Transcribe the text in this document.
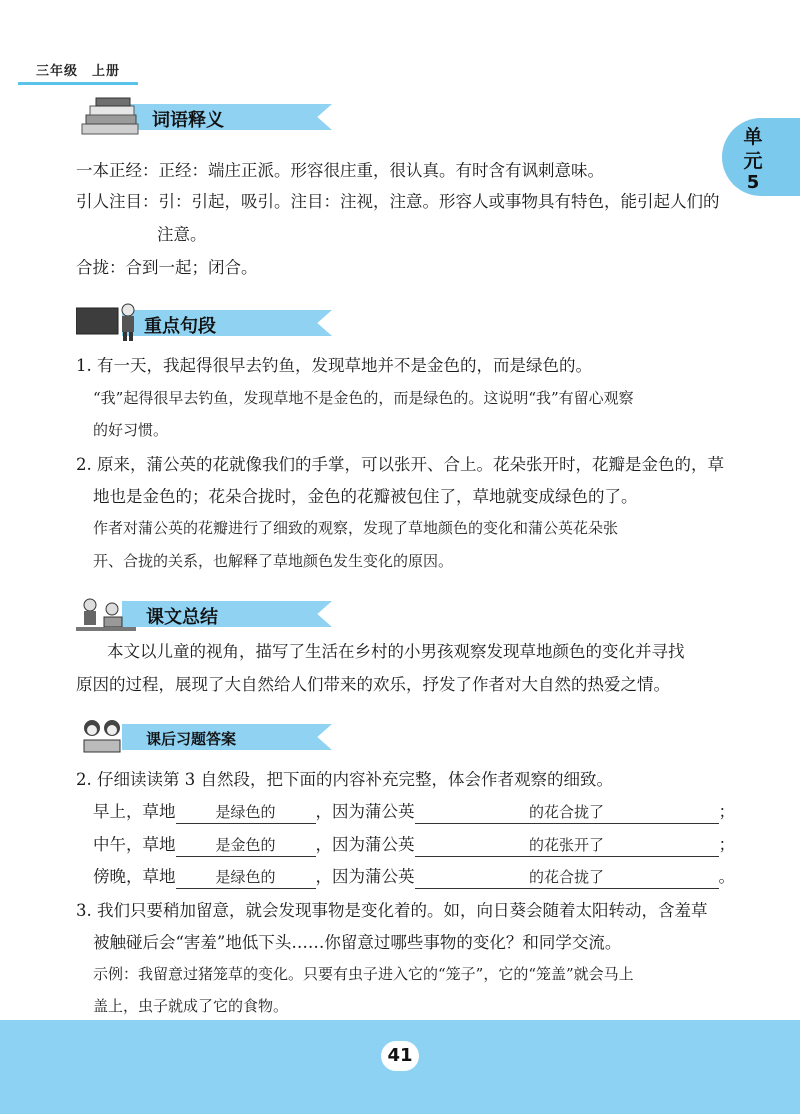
三年级　上册
单
元
5
词语释义
一本正经：正经：端庄正派。形容很庄重，很认真。有时含有讽刺意味。
引人注目：引：引起，吸引。注目：注视，注意。形容人或事物具有特色，能引起人们的
注意。
合拢：合到一起；闭合。
重点句段
1. 有一天，我起得很早去钓鱼，发现草地并不是金色的，而是绿色的。
“我”起得很早去钓鱼，发现草地不是金色的，而是绿色的。这说明“我”有留心观察
的好习惯。
2. 原来，蒲公英的花就像我们的手掌，可以张开、合上。花朵张开时，花瓣是金色的，草
地也是金色的；花朵合拢时，金色的花瓣被包住了，草地就变成绿色的了。
作者对蒲公英的花瓣进行了细致的观察，发现了草地颜色的变化和蒲公英花朵张
开、合拢的关系，也解释了草地颜色发生变化的原因。
课文总结
本文以儿童的视角，描写了生活在乡村的小男孩观察发现草地颜色的变化并寻找
原因的过程，展现了大自然给人们带来的欢乐，抒发了作者对大自然的热爱之情。
课后习题答案
2. 仔细读读第 3 自然段，把下面的内容补充完整，体会作者观察的细致。
早上，草地	是绿色的 ，因为蒲公英	的花合拢了	；
中午，草地	是金色的 ，因为蒲公英	的花张开了	；
傍晚，草地	是绿色的 ，因为蒲公英	的花合拢了	。
3. 我们只要稍加留意，就会发现事物是变化着的。如，向日葵会随着太阳转动，含羞草
被触碰后会“害羞”地低下头……你留意过哪些事物的变化？和同学交流。
示例：我留意过猪笼草的变化。只要有虫子进入它的“笼子”，它的“笼盖”就会马上
盖上，虫子就成了它的食物。
41
